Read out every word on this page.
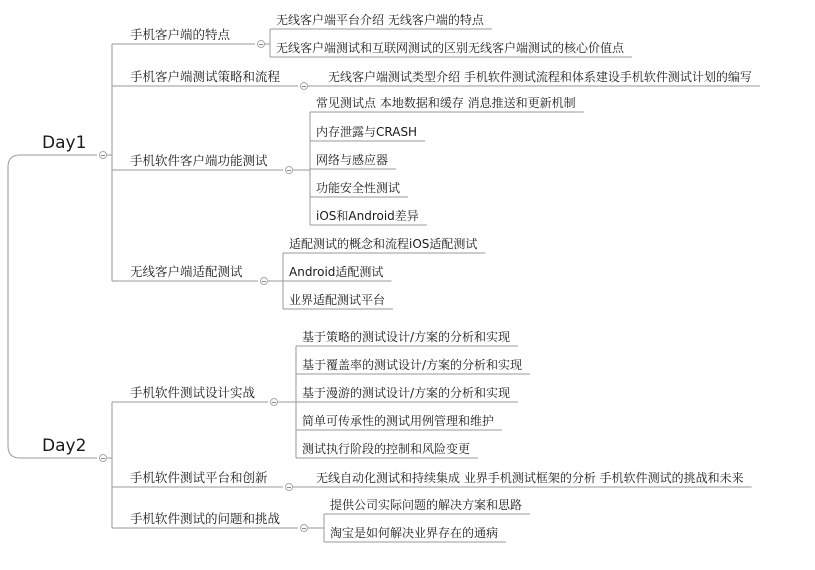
Day1
手机客户端的特点
无线客户端平台介绍 无线客户端的特点
无线客户端测试和互联网测试的区别无线客户端测试的核心价值点
手机客户端测试策略和流程	无线客户端测试类型介绍 手机软件测试流程和体系建设手机软件测试计划的编写
手机软件客户端功能测试
常见测试点 本地数据和缓存 消息推送和更新机制
内存泄露与CRASH
网络与感应器
功能安全性测试
iOS和Android差异
无线客户端适配测试
适配测试的概念和流程iOS适配测试
Android适配测试
业界适配测试平台
Day2
手机软件测试设计实战
基于策略的测试设计/方案的分析和实现
基于覆盖率的测试设计/方案的分析和实现
基于漫游的测试设计/方案的分析和实现
简单可传承性的测试用例管理和维护
测试执行阶段的控制和风险变更
手机软件测试平台和创新	无线自动化测试和持续集成 业界手机测试框架的分析 手机软件测试的挑战和未来
手机软件测试的问题和挑战
提供公司实际问题的解决方案和思路
淘宝是如何解决业界存在的通病
